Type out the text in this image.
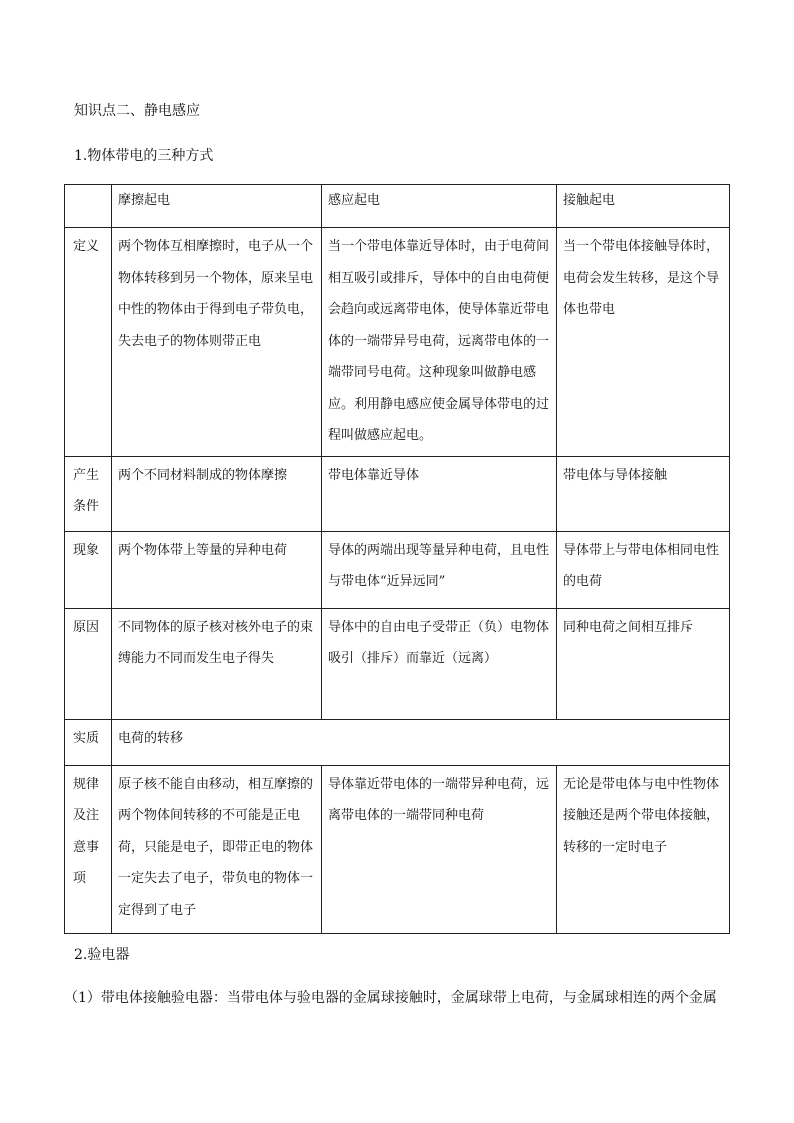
知识点二、静电感应
1.物体带电的三种方式

	摩擦起电	感应起电	接触起电

定义	两个物体互相摩擦时，电子从一个物体转移到另一个物体，原来呈电中性的物体由于得到电子带负电，失去电子的物体则带正电	当一个带电体靠近导体时，由于电荷间相互吸引或排斥，导体中的自由电荷便会趋向或远离带电体，使导体靠近带电体的一端带异号电荷，远离带电体的一端带同号电荷。这种现象叫做静电感应。利用静电感应使金属导体带电的过程叫做感应起电。	当一个带电体接触导体时，电荷会发生转移，是这个导体也带电
产生条件	两个不同材料制成的物体摩擦	带电体靠近导体	带电体与导体接触
现象	两个物体带上等量的异种电荷	导体的两端出现等量异种电荷，且电性与带电体“近异远同”	导体带上与带电体相同电性的电荷
原因	不同物体的原子核对核外电子的束缚能力不同而发生电子得失	导体中的自由电子受带正（负）电物体吸引（排斥）而靠近（远离）	同种电荷之间相互排斥
实质	电荷的转移		
规律及注意事项	原子核不能自由移动，相互摩擦的两个物体间转移的不可能是正电荷，只能是电子，即带正电的物体一定失去了电子，带负电的物体一定得到了电子	导体靠近带电体的一端带异种电荷，远离带电体的一端带同种电荷	无论是带电体与电中性物体接触还是两个带电体接触，转移的一定时电子
2.验电器
（1）带电体接触验电器：当带电体与验电器的金属球接触时，金属球带上电荷，与金属球相连的两个金属
